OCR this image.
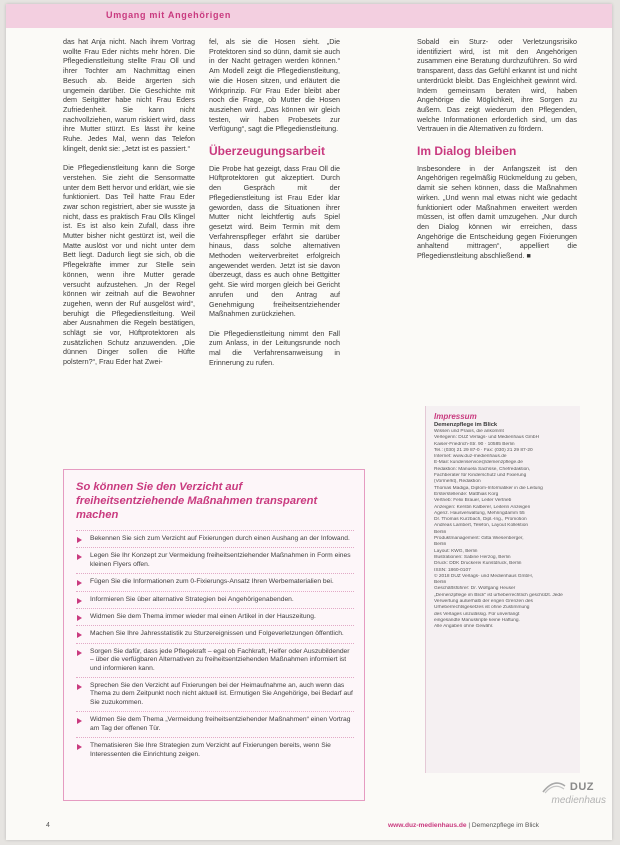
Umgang mit Angehörigen

das hat Anja nicht. Nach ihrem Vortrag wollte Frau Eder nichts mehr hören. Die Pflegedienstleitung stellte Frau Oll und ihrer Tochter am Nachmittag einen Besuch ab. Beide ärgerten sich ungemein darüber. Die Geschichte mit dem Seitgitter habe nicht Frau Eders Zufriedenheit. Sie kann nicht nachvollziehen, warum riskiert wird, dass ihre Mutter stürzt. Es lässt ihr keine Ruhe. Jedes Mal, wenn das Telefon klingelt, denkt sie: „Jetzt ist es passiert.“

Die Pflegedienstleitung kann die Sorge verstehen. Sie zieht die Sensormatte unter dem Bett hervor und erklärt, wie sie funktioniert. Das Teil hatte Frau Eder zwar schon registriert, aber sie wusste ja nicht, dass es praktisch Frau Olls Klingel ist. Es ist also kein Zufall, dass ihre Mutter bisher nicht gestürzt ist, weil die Matte auslöst vor und nicht unter dem Bett liegt. Dadurch liegt sie sich, ob die Pflegekräfte immer zur Stelle sein können, wenn ihre Mutter gerade versucht aufzustehen. „In der Regel können wir zeitnah auf die Bewohner zugehen, wenn der Ruf ausgelöst wird“, beruhigt die Pflegedienstleitung. Weil aber Ausnahmen die Regeln bestätigen, schlägt sie vor, Hüftprotektoren als zusätzlichen Schutz anzuwenden. „Die dünnen Dinger sollen die Hüfte polstern?“, Frau Eder hat Zwei-

fel, als sie die Hosen sieht. „Die Protektoren sind so dünn, damit sie auch in der Nacht getragen werden können.“ Am Modell zeigt die Pflegedienstleitung, wie die Hosen sitzen, und erläutert die Wirkprinzip. Für Frau Eder bleibt aber noch die Frage, ob Mutter die Hosen ausziehen wird. „Das können wir gleich testen, wir haben Probesets zur Verfügung“, sagt die Pflegedienstleitung.

Überzeugungsarbeit

Die Probe hat gezeigt, dass Frau Oll die Hüftprotektoren gut akzeptiert. Durch den Gespräch mit der Pflegedienstleitung ist Frau Eder klar geworden, dass die Situationen ihrer Mutter nicht leichtfertig aufs Spiel gesetzt wird. Beim Termin mit dem Verfahrenspfleger erfährt sie darüber hinaus, dass solche alternativen Methoden weiterverbreitet erfolgreich angewendet werden. Jetzt ist sie davon überzeugt, dass es auch ohne Bettgitter geht. Sie wird morgen gleich bei Gericht anrufen und den Antrag auf Genehmigung freiheitsentziehender Maßnahmen zurückziehen.

Die Pflegedienstleitung nimmt den Fall zum Anlass, in der Leitungsrunde noch mal die Verfahrensanweisung in Erinnerung zu rufen.

Sobald ein Sturz- oder Verletzungsrisiko identifiziert wird, ist mit den Angehörigen zusammen eine Beratung durchzuführen. So wird transparent, dass das Gefühl erkannt ist und nicht unterdrückt bleibt. Das Engleichheit gewinnt wird. Indem gemeinsam beraten wird, haben Angehörige die Möglichkeit, ihre Sorgen zu äußern. Das zeigt wiederum den Pflegenden, welche Informationen erforderlich sind, um das Vertrauen in die Alternativen zu fördern.

Im Dialog bleiben

Insbesondere in der Anfangszeit ist den Angehörigen regelmäßig Rückmeldung zu geben, damit sie sehen können, dass die Maßnahmen wirken. „Und wenn mal etwas nicht wie gedacht funktioniert oder Maßnahmen erweitert werden müssen, ist offen damit umzugehen. „Nur durch den Dialog können wir erreichen, dass Angehörige die Entscheidung gegen Fixierungen anhaltend mittragen“, appelliert die Pflegedienstleitung abschließend. ■

So können Sie den Verzicht auf freiheitsentziehende Maßnahmen transparent machen
Bekennen Sie sich zum Verzicht auf Fixierungen durch einen Aushang an der Infowand.
Legen Sie Ihr Konzept zur Vermeidung freiheitsentziehender Maßnahmen in Form eines kleinen Flyers offen.
Fügen Sie die Informationen zum 0-Fixierungs-Ansatz Ihren Werbematerialien bei.
Informieren Sie über alternative Strategien bei Angehörigenabenden.
Widmen Sie dem Thema immer wieder mal einen Artikel in der Hauszeitung.
Machen Sie Ihre Jahresstatistik zu Sturzereignissen und Folgeverletzungen öffentlich.
Sorgen Sie dafür, dass jede Pflegekraft – egal ob Fachkraft, Helfer oder Auszubildender – über die verfügbaren Alternativen zu freiheitsentziehenden Maßnahmen informiert ist und informieren kann.
Sprechen Sie den Verzicht auf Fixierungen bei der Heimaufnahme an, auch wenn das Thema zu dem Zeitpunkt noch nicht aktuell ist. Ermutigen Sie Angehörige, bei Bedarf auf Sie zuzukommen.
Widmen Sie dem Thema „Vermeidung freiheitsentziehender Maßnahmen“ einen Vortrag am Tag der offenen Tür.
Thematisieren Sie Ihre Strategien zum Verzicht auf Fixierungen bereits, wenn Sie Interessenten die Einrichtung zeigen.
Impressum
Demenzpflege im Blick
Wissen und Praxis, die ankommt
Verlegerin: DUZ Verlags- und Medienhaus GmbH
Kaiser-Friedrich-Str. 90 · 10585 Berlin
Tel.: (030) 21 29 87-0 · Fax: (030) 21 29 87-20
Internet: www.duz-medienhaus.de
E-Mail: kundenservice@demenzpflege.de
Redaktion: Manuela Sachsse, Chefredaktion,
Fachberater für Kinderschutz und Fixierung
(Vormerkt), Redaktion
Thomas Madiga, Diplom-Informatiker in die Leitung
Ersterstellende: Matthias Korg
Vertrieb: Felix Brauer, Leiter Vertrieb
Anzeigen: Kerstin Kalberer, Leiterin Anzeigen
Agenz. Hausverwaltung, Mehringdamm 55
Dr. Thomas Kurzbach, Dipl.-Ing., Promotion
Andreas Lambert, Telefon, Layout Kollektion
Berlin
Produktmanagement: Gitta Wiesenberger,
Berlin
Layout: KWG, Berlin
Illustrationen: Sabine Herzog, Berlin
Druck: DDK Druckerei Kunstdruck, Berlin
ISSN: 1860-0107
© 2018 DUZ Verlags- und Medienhaus GmbH,
Berlin
Geschäftsführer: Dr. Wolfgang Heuser
„Demenzpflege im Blick“ ist urheberrechtlich geschützt. Jede
Verwertung außerhalb der engen Grenzen des
Urheberrechtsgesetzes ist ohne Zustimmung
des Verlages unzulässig. Für unverlangt
eingesandte Manuskripte keine Haftung.
Alle Angaben ohne Gewähr.
DUZ
medienhaus
4	www.duz-medienhaus.de | Demenzpflege im Blick
